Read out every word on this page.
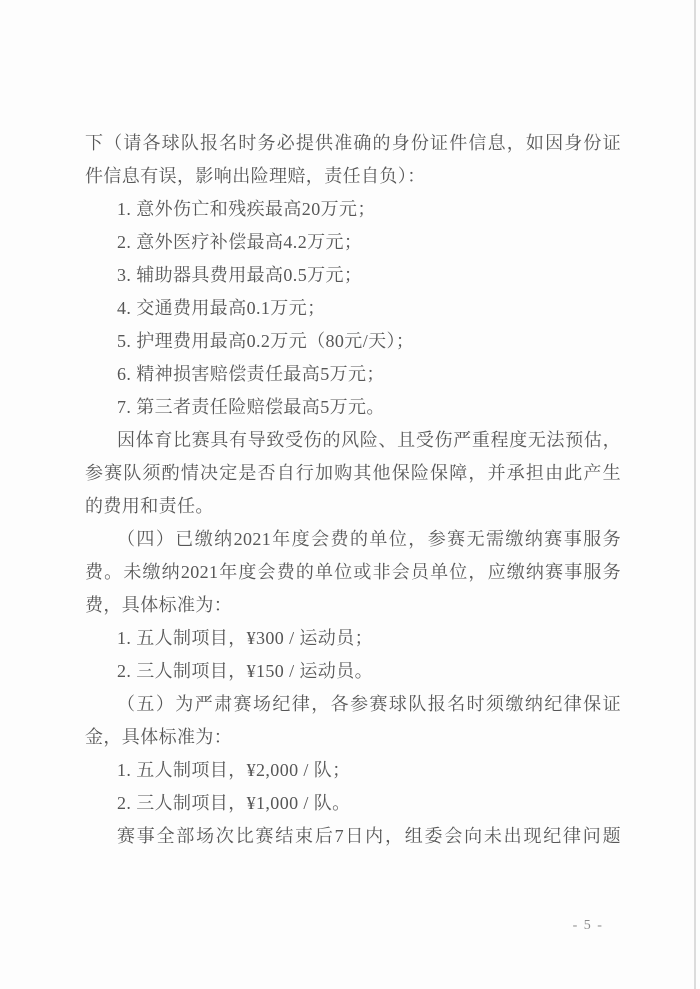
下（请各球队报名时务必提供准确的身份证件信息，如因身份证
件信息有误，影响出险理赔，责任自负）：
1. 意外伤亡和残疾最高20万元；
2. 意外医疗补偿最高4.2万元；
3. 辅助器具费用最高0.5万元；
4. 交通费用最高0.1万元；
5. 护理费用最高0.2万元（80元/天）；
6. 精神损害赔偿责任最高5万元；
7. 第三者责任险赔偿最高5万元。
因体育比赛具有导致受伤的风险、且受伤严重程度无法预估，
参赛队须酌情决定是否自行加购其他保险保障，并承担由此产生
的费用和责任。
（四）已缴纳2021年度会费的单位，参赛无需缴纳赛事服务
费。未缴纳2021年度会费的单位或非会员单位，应缴纳赛事服务
费，具体标准为：
1. 五人制项目，¥300 / 运动员；
2. 三人制项目，¥150 / 运动员。
（五）为严肃赛场纪律，各参赛球队报名时须缴纳纪律保证
金，具体标准为：
1. 五人制项目，¥2,000 / 队；
2. 三人制项目，¥1,000 / 队。
赛事全部场次比赛结束后7日内，组委会向未出现纪律问题
- 5 -
